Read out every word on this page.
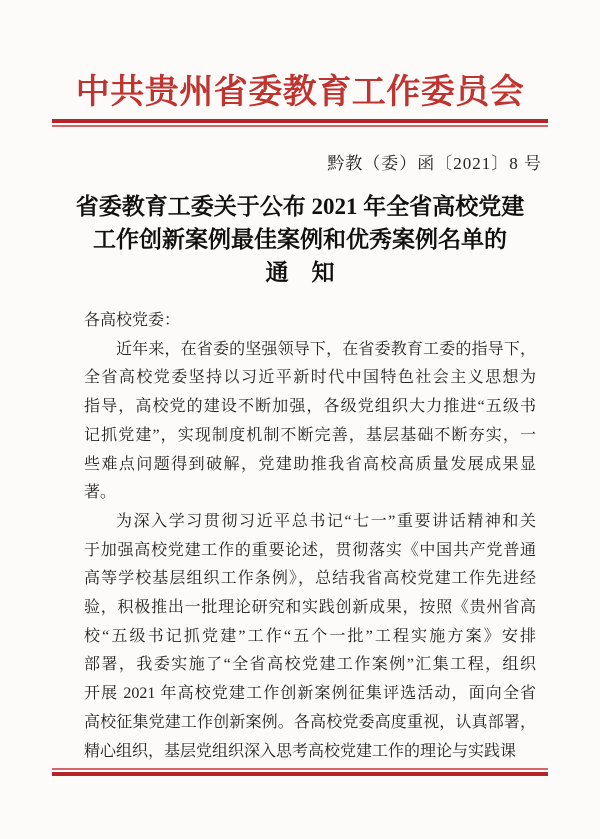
中共贵州省委教育工作委员会
黔教（委）函〔2021〕8 号
省委教育工委关于公布 2021 年全省高校党建
工作创新案例最佳案例和优秀案例名单的
通　知
各高校党委：
近年来，在省委的坚强领导下，在省委教育工委的指导下，
全省高校党委坚持以习近平新时代中国特色社会主义思想为
指导，高校党的建设不断加强，各级党组织大力推进“五级书
记抓党建”，实现制度机制不断完善，基层基础不断夯实，一
些难点问题得到破解，党建助推我省高校高质量发展成果显
著。
为深入学习贯彻习近平总书记“七一”重要讲话精神和关
于加强高校党建工作的重要论述，贯彻落实《中国共产党普通
高等学校基层组织工作条例》，总结我省高校党建工作先进经
验，积极推出一批理论研究和实践创新成果，按照《贵州省高
校“五级书记抓党建”工作“五个一批”工程实施方案》安排
部署，我委实施了“全省高校党建工作案例”汇集工程，组织
开展 2021 年高校党建工作创新案例征集评选活动，面向全省
高校征集党建工作创新案例。各高校党委高度重视，认真部署，
精心组织，基层党组织深入思考高校党建工作的理论与实践课
